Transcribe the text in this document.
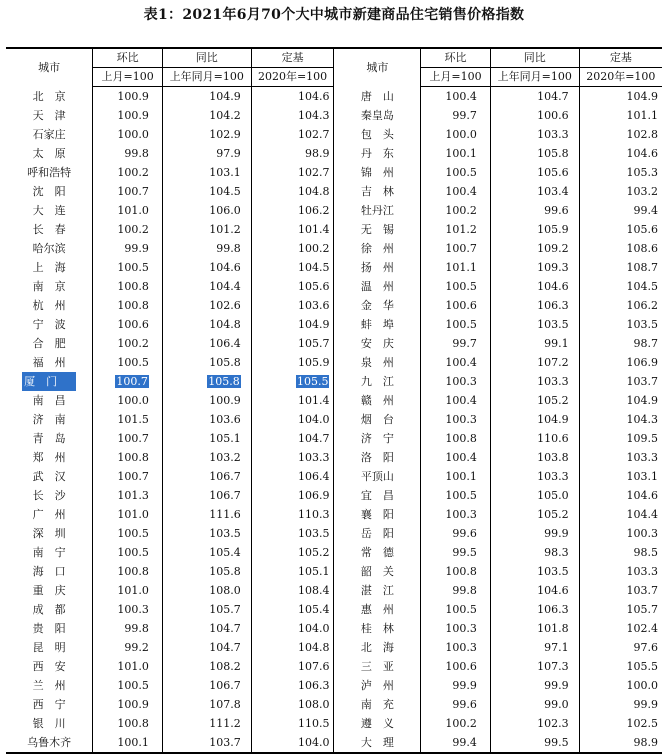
表1：2021年6月70个大中城市新建商品住宅销售价格指数
城市	环比	同比	定基	城市	环比	同比	定基
	上月=100	上年同月=100	2020年=100		上月=100	上年同月=100	2020年=100
北　京	100.9	104.9	104.6	唐　山	100.4	104.7	104.9
天　津	100.9	104.2	104.3	秦皇岛	99.7	100.6	101.1
石家庄	100.0	102.9	102.7	包　头	100.0	103.3	102.8
太　原	99.8	97.9	98.9	丹　东	100.1	105.8	104.6
呼和浩特	100.2	103.1	102.7	锦　州	100.5	105.6	105.3
沈　阳	100.7	104.5	104.8	吉　林	100.4	103.4	103.2
大　连	101.0	106.0	106.2	牡丹江	100.2	99.6	99.4
长　春	100.2	101.2	101.4	无　锡	101.2	105.9	105.6
哈尔滨	99.9	99.8	100.2	徐　州	100.7	109.2	108.6
上　海	100.5	104.6	104.5	扬　州	101.1	109.3	108.7
南　京	100.8	104.4	105.6	温　州	100.5	104.6	104.5
杭　州	100.8	102.6	103.6	金　华	100.6	106.3	106.2
宁　波	100.6	104.8	104.9	蚌　埠	100.5	103.5	103.5
合　肥	100.2	106.4	105.7	安　庆	99.7	99.1	98.7
福　州	100.5	105.8	105.9	泉　州	100.4	107.2	106.9
厦　门	100.7	105.8	105.5	九　江	100.3	103.3	103.7
南　昌	100.0	100.9	101.4	赣　州	100.4	105.2	104.9
济　南	101.5	103.6	104.0	烟　台	100.3	104.9	104.3
青　岛	100.7	105.1	104.7	济　宁	100.8	110.6	109.5
郑　州	100.8	103.2	103.3	洛　阳	100.4	103.8	103.3
武　汉	100.7	106.7	106.4	平顶山	100.1	103.3	103.1
长　沙	101.3	106.7	106.9	宜　昌	100.5	105.0	104.6
广　州	101.0	111.6	110.3	襄　阳	100.3	105.2	104.4
深　圳	100.5	103.5	103.5	岳　阳	99.6	99.9	100.3
南　宁	100.5	105.4	105.2	常　德	99.5	98.3	98.5
海　口	100.8	105.8	105.1	韶　关	100.8	103.5	103.3
重　庆	101.0	108.0	108.4	湛　江	99.8	104.6	103.7
成　都	100.3	105.7	105.4	惠　州	100.5	106.3	105.7
贵　阳	99.8	104.7	104.0	桂　林	100.3	101.8	102.4
昆　明	99.2	104.7	104.8	北　海	100.3	97.1	97.6
西　安	101.0	108.2	107.6	三　亚	100.6	107.3	105.5
兰　州	100.5	106.7	106.3	泸　州	99.9	99.9	100.0
西　宁	100.9	107.8	108.0	南　充	99.6	99.0	99.9
银　川	100.8	111.2	110.5	遵　义	100.2	102.3	102.5
乌鲁木齐	100.1	103.7	104.0	大　理	99.4	99.5	98.9
